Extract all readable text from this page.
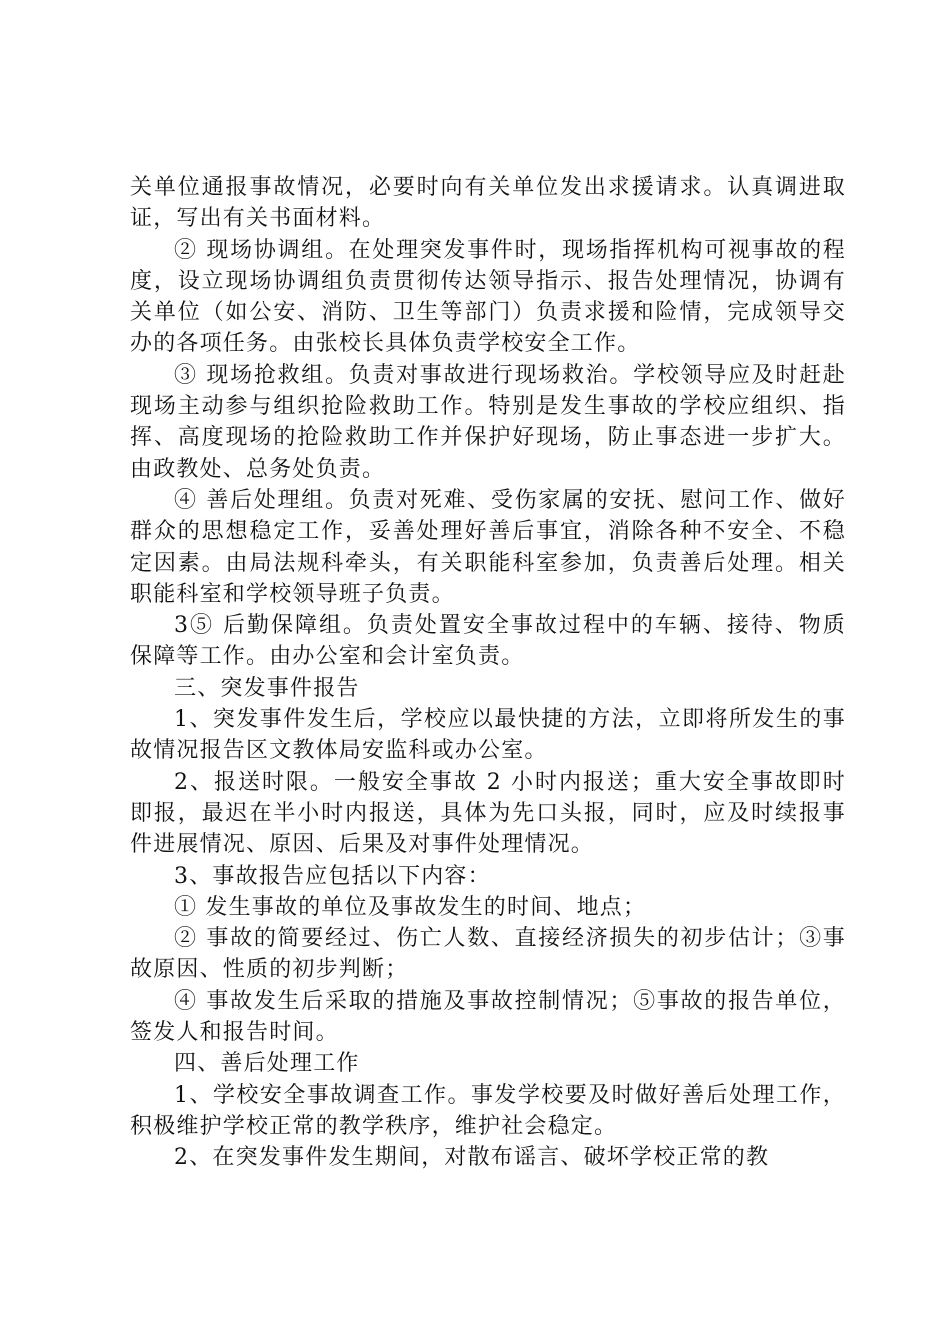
关单位通报事故情况，必要时向有关单位发出求援请求。认真调进取证，写出有关书面材料。

② 现场协调组。在处理突发事件时，现场指挥机构可视事故的程度，设立现场协调组负责贯彻传达领导指示、报告处理情况，协调有关单位（如公安、消防、卫生等部门）负责求援和险情，完成领导交办的各项任务。由张校长具体负责学校安全工作。

③ 现场抢救组。负责对事故进行现场救治。学校领导应及时赶赴现场主动参与组织抢险救助工作。特别是发生事故的学校应组织、指挥、高度现场的抢险救助工作并保护好现场，防止事态进一步扩大。由政教处、总务处负责。

④ 善后处理组。负责对死难、受伤家属的安抚、慰问工作、做好群众的思想稳定工作，妥善处理好善后事宜，消除各种不安全、不稳定因素。由局法规科牵头，有关职能科室参加，负责善后处理。相关职能科室和学校领导班子负责。

3⑤ 后勤保障组。负责处置安全事故过程中的车辆、接待、物质保障等工作。由办公室和会计室负责。

三、突发事件报告

1、突发事件发生后，学校应以最快捷的方法，立即将所发生的事故情况报告区文教体局安监科或办公室。

2、报送时限。一般安全事故 2 小时内报送；重大安全事故即时即报，最迟在半小时内报送，具体为先口头报，同时，应及时续报事件进展情况、原因、后果及对事件处理情况。

3、事故报告应包括以下内容：

① 发生事故的单位及事故发生的时间、地点；

② 事故的简要经过、伤亡人数、直接经济损失的初步估计；③事故原因、性质的初步判断；

④ 事故发生后采取的措施及事故控制情况；⑤事故的报告单位，签发人和报告时间。

四、善后处理工作

1、学校安全事故调查工作。事发学校要及时做好善后处理工作，积极维护学校正常的教学秩序，维护社会稳定。

2、在突发事件发生期间，对散布谣言、破坏学校正常的教
